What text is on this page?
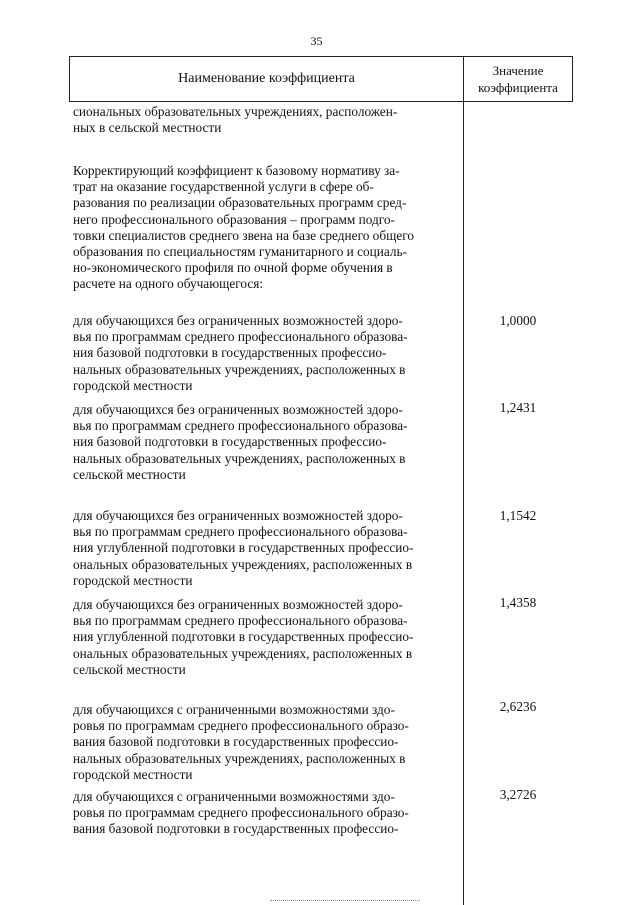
35
Наименование коэффициента
Значение
коэффициента
сиональных образовательных учреждениях, расположен-
ных в сельской местности
Корректирующий коэффициент к базовому нормативу за-
трат на оказание государственной услуги в сфере об-
разования по реализации образовательных программ сред-
него профессионального образования – программ подго-
товки специалистов среднего звена на базе среднего общего
образования по специальностям гуманитарного и социаль-
но-экономического профиля по очной форме обучения в
расчете на одного обучающегося:
для обучающихся без ограниченных возможностей здоро-
вья по программам среднего профессионального образова-
ния базовой подготовки в государственных профессио-
нальных образовательных учреждениях, расположенных в
городской местности
1,0000
для обучающихся без ограниченных возможностей здоро-
вья по программам среднего профессионального образова-
ния базовой подготовки в государственных профессио-
нальных образовательных учреждениях, расположенных в
сельской местности
1,2431
для обучающихся без ограниченных возможностей здоро-
вья по программам среднего профессионального образова-
ния углубленной подготовки в государственных профессио-
ональных образовательных учреждениях, расположенных в
городской местности
1,1542
для обучающихся без ограниченных возможностей здоро-
вья по программам среднего профессионального образова-
ния углубленной подготовки в государственных профессио-
ональных образовательных учреждениях, расположенных в
сельской местности
1,4358
для обучающихся с ограниченными возможностями здо-
ровья по программам среднего профессионального образо-
вания базовой подготовки в государственных профессио-
нальных образовательных учреждениях, расположенных в
городской местности
2,6236
для обучающихся с ограниченными возможностями здо-
ровья по программам среднего профессионального образо-
вания базовой подготовки в государственных профессио-
3,2726
